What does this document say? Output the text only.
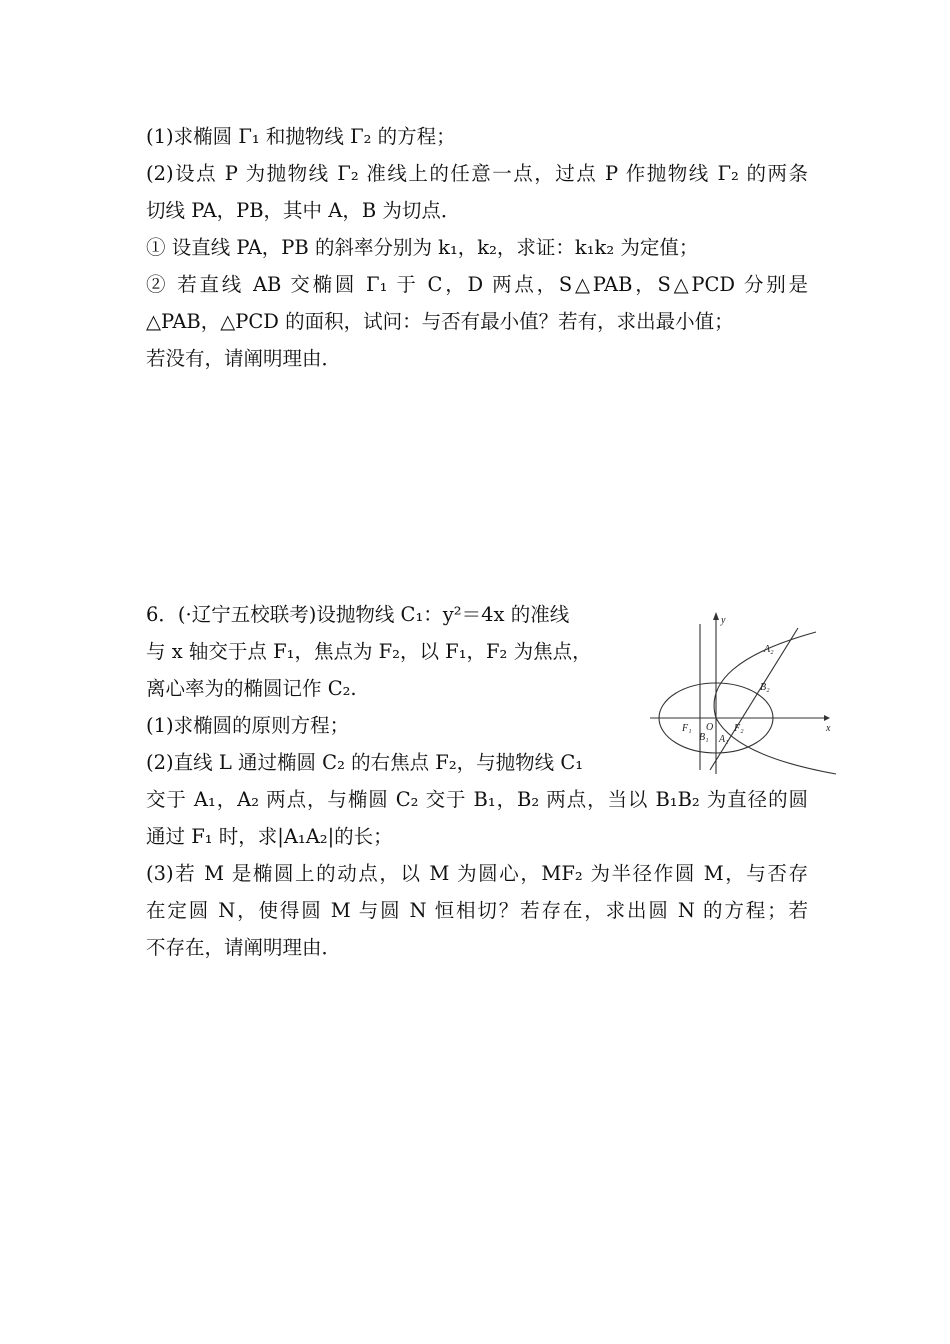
(1)求椭圆 Γ₁ 和抛物线 Γ₂ 的方程；
(2)设点 P 为抛物线 Γ₂ 准线上的任意一点，过点 P 作抛物线 Γ₂ 的两条
切线 PA，PB，其中 A，B 为切点．
① 设直线 PA，PB 的斜率分别为 k₁，k₂，求证：k₁k₂ 为定值；
② 若直线 AB 交椭圆 Γ₁ 于 C，D 两点，S△PAB，S△PCD 分别是
△PAB，△PCD 的面积，试问：与否有最小值？若有，求出最小值；
若没有，请阐明理由．
6．(·辽宁五校联考)设抛物线 C₁：y²＝4x 的准线
与 x 轴交于点 F₁，焦点为 F₂，以 F₁，F₂ 为焦点，
离心率为的椭圆记作 C₂.
(1)求椭圆的原则方程；
(2)直线 L 通过椭圆 C₂ 的右焦点 F₂，与抛物线 C₁
交于 A₁，A₂ 两点，与椭圆 C₂ 交于 B₁，B₂ 两点，当以 B₁B₂ 为直径的圆
通过 F₁ 时，求|A₁A₂|的长；
(3)若 M 是椭圆上的动点，以 M 为圆心，MF₂ 为半径作圆 M，与否存
在定圆 N，使得圆 M 与圆 N 恒相切？若存在，求出圆 N 的方程；若
不存在，请阐明理由．
y
x
O
F₁	F₂
A₂
B₂
B₁ A₁
